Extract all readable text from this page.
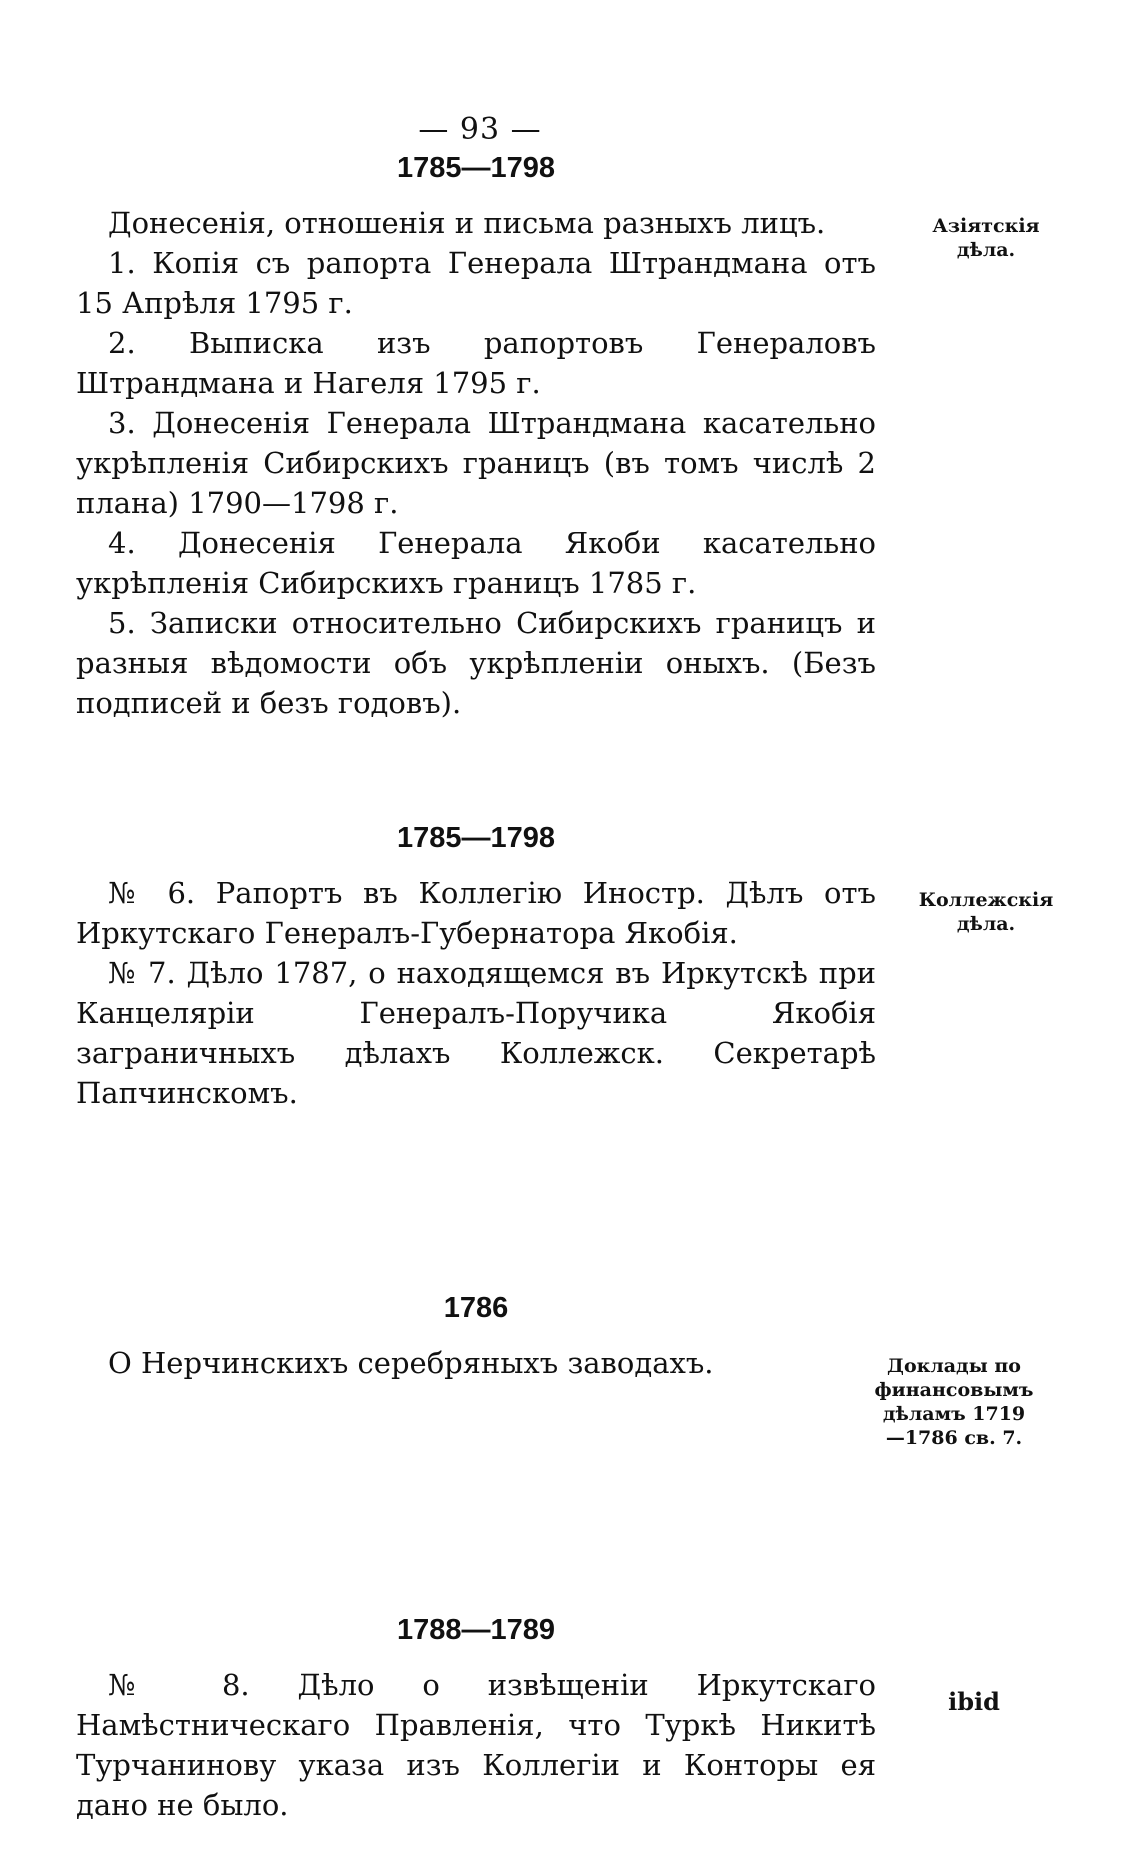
— 93 —
1785—1798

Донесенія, отношенія и письма разныхъ лицъ.

1. Копія съ рапорта Генерала Штрандмана отъ 15 Апрѣля 1795 г.

2. Выписка изъ рапортовъ Генераловъ Штрандмана и Нагеля 1795 г.

3. Донесенія Генерала Штрандмана касательно укрѣпленія Сибирскихъ границъ (въ томъ числѣ 2 плана) 1790—1798 г.

4. Донесенія Генерала Якоби касательно укрѣпленія Сибирскихъ границъ 1785 г.

5. Записки относительно Сибирскихъ границъ и разныя вѣдомости объ укрѣпленіи оныхъ. (Безъ подписей и безъ годовъ).

Азіятскія дѣла.
1785—1798

№ 6. Рапортъ въ Коллегію Иностр. Дѣлъ отъ Иркутскаго Генералъ-Губернатора Якобія.

№ 7. Дѣло 1787, о находящемся въ Иркутскѣ при Канцеляріи Генералъ-Поручика Якобія заграничныхъ дѣлахъ Коллежск. Секретарѣ Папчинскомъ.

Коллежскія дѣла.
1786

О Нерчинскихъ серебряныхъ заводахъ.	Доклады по финансовымъ дѣламъ 1719—1786 св. 7.
1788—1789

№ 8. Дѣло о извѣщеніи Иркутскаго Намѣстническаго Правленія, что Туркѣ Никитѣ Турчанинову указа изъ Коллегіи и Конторы ея дано не было.

ibid
